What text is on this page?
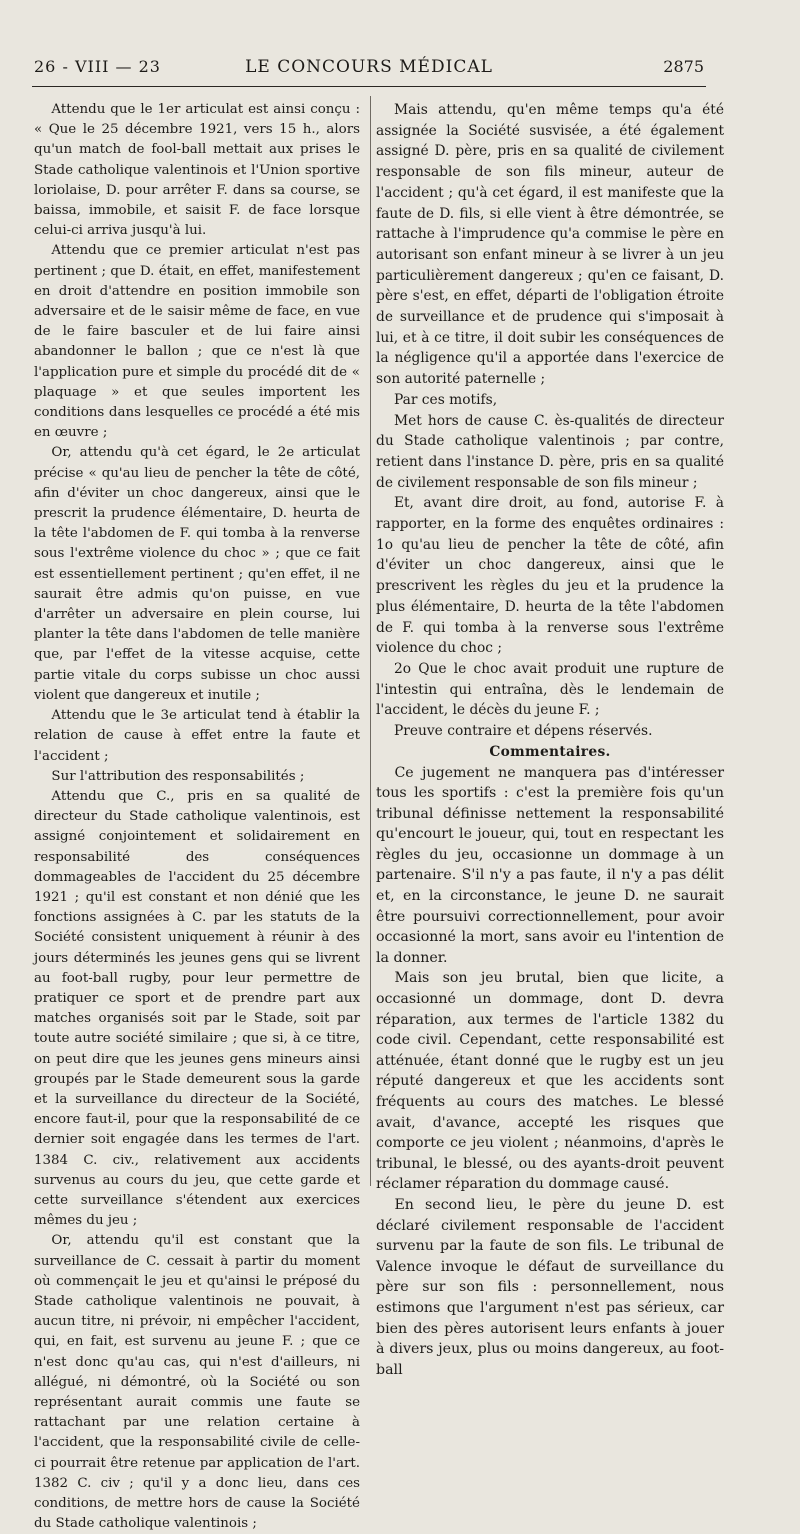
26 - VIII — 23	LE CONCOURS MÉDICAL	2875

Attendu que le 1er articulat est ainsi conçu : « Que le 25 décembre 1921, vers 15 h., alors qu'un match de fool-ball mettait aux prises le Stade catholique valentinois et l'Union sportive loriolaise, D. pour arrêter F. dans sa course, se baissa, immobile, et saisit F. de face lorsque celui-ci arriva jusqu'à lui.

Attendu que ce premier articulat n'est pas pertinent ; que D. était, en effet, manifestement en droit d'attendre en position immobile son adversaire et de le saisir même de face, en vue de le faire basculer et de lui faire ainsi abandonner le ballon ; que ce n'est là que l'application pure et simple du procédé dit de « plaquage » et que seules importent les conditions dans lesquelles ce procédé a été mis en œuvre ;

Or, attendu qu'à cet égard, le 2e articulat précise « qu'au lieu de pencher la tête de côté, afin d'éviter un choc dangereux, ainsi que le prescrit la prudence élémentaire, D. heurta de la tête l'abdomen de F. qui tomba à la renverse sous l'extrême violence du choc » ; que ce fait est essentiellement pertinent ; qu'en effet, il ne saurait être admis qu'on puisse, en vue d'arrêter un adversaire en plein course, lui planter la tête dans l'abdomen de telle manière que, par l'effet de la vitesse acquise, cette partie vitale du corps subisse un choc aussi violent que dangereux et inutile ;

Attendu que le 3e articulat tend à établir la relation de cause à effet entre la faute et l'accident ;

Sur l'attribution des responsabilités ;

Attendu que C., pris en sa qualité de directeur du Stade catholique valentinois, est assigné conjointement et solidairement en responsabilité des conséquences dommageables de l'accident du 25 décembre 1921 ; qu'il est constant et non dénié que les fonctions assignées à C. par les statuts de la Société consistent uniquement à réunir à des jours déterminés les jeunes gens qui se livrent au foot-ball rugby, pour leur permettre de pratiquer ce sport et de prendre part aux matches organisés soit par le Stade, soit par toute autre société similaire ; que si, à ce titre, on peut dire que les jeunes gens mineurs ainsi groupés par le Stade demeurent sous la garde et la surveillance du directeur de la Société, encore faut-il, pour que la responsabilité de ce dernier soit engagée dans les termes de l'art. 1384 C. civ., relativement aux accidents survenus au cours du jeu, que cette garde et cette surveillance s'étendent aux exercices mêmes du jeu ;

Or, attendu qu'il est constant que la surveillance de C. cessait à partir du moment où commençait le jeu et qu'ainsi le préposé du Stade catholique valentinois ne pouvait, à aucun titre, ni prévoir, ni empêcher l'accident, qui, en fait, est survenu au jeune F. ; que ce n'est donc qu'au cas, qui n'est d'ailleurs, ni allégué, ni démontré, où la Société ou son représentant aurait commis une faute se rattachant par une relation certaine à l'accident, que la responsabilité civile de celle-ci pourrait être retenue par application de l'art. 1382 C. civ ; qu'il y a donc lieu, dans ces conditions, de mettre hors de cause la Société du Stade catholique valentinois ;

Mais attendu, qu'en même temps qu'a été assignée la Société susvisée, a été également assigné D. père, pris en sa qualité de civilement responsable de son fils mineur, auteur de l'accident ; qu'à cet égard, il est manifeste que la faute de D. fils, si elle vient à être démontrée, se rattache à l'imprudence qu'a commise le père en autorisant son enfant mineur à se livrer à un jeu particulièrement dangereux ; qu'en ce faisant, D. père s'est, en effet, départi de l'obligation étroite de surveillance et de prudence qui s'imposait à lui, et à ce titre, il doit subir les conséquences de la négligence qu'il a apportée dans l'exercice de son autorité paternelle ;

Par ces motifs,

Met hors de cause C. ès-qualités de directeur du Stade catholique valentinois ; par contre, retient dans l'instance D. père, pris en sa qualité de civilement responsable de son fils mineur ;

Et, avant dire droit, au fond, autorise F. à rapporter, en la forme des enquêtes ordinaires : 1o qu'au lieu de pencher la tête de côté, afin d'éviter un choc dangereux, ainsi que le prescrivent les règles du jeu et la prudence la plus élémentaire, D. heurta de la tête l'abdomen de F. qui tomba à la renverse sous l'extrême violence du choc ;

2o Que le choc avait produit une rupture de l'intestin qui entraîna, dès le lendemain de l'accident, le décès du jeune F. ;

Preuve contraire et dépens réservés.

Commentaires.

Ce jugement ne manquera pas d'intéresser tous les sportifs : c'est la première fois qu'un tribunal définisse nettement la responsabilité qu'encourt le joueur, qui, tout en respectant les règles du jeu, occasionne un dommage à un partenaire. S'il n'y a pas faute, il n'y a pas délit et, en la circonstance, le jeune D. ne saurait être poursuivi correctionnellement, pour avoir occasionné la mort, sans avoir eu l'intention de la donner.

Mais son jeu brutal, bien que licite, a occasionné un dommage, dont D. devra réparation, aux termes de l'article 1382 du code civil. Cependant, cette responsabilité est atténuée, étant donné que le rugby est un jeu réputé dangereux et que les accidents sont fréquents au cours des matches. Le blessé avait, d'avance, accepté les risques que comporte ce jeu violent ; néanmoins, d'après le tribunal, le blessé, ou des ayants-droit peuvent réclamer réparation du dommage causé.

En second lieu, le père du jeune D. est déclaré civilement responsable de l'accident survenu par la faute de son fils. Le tribunal de Valence invoque le défaut de surveillance du père sur son fils : personnellement, nous estimons que l'argument n'est pas sérieux, car bien des pères autorisent leurs enfants à jouer à divers jeux, plus ou moins dangereux, au foot-ball
